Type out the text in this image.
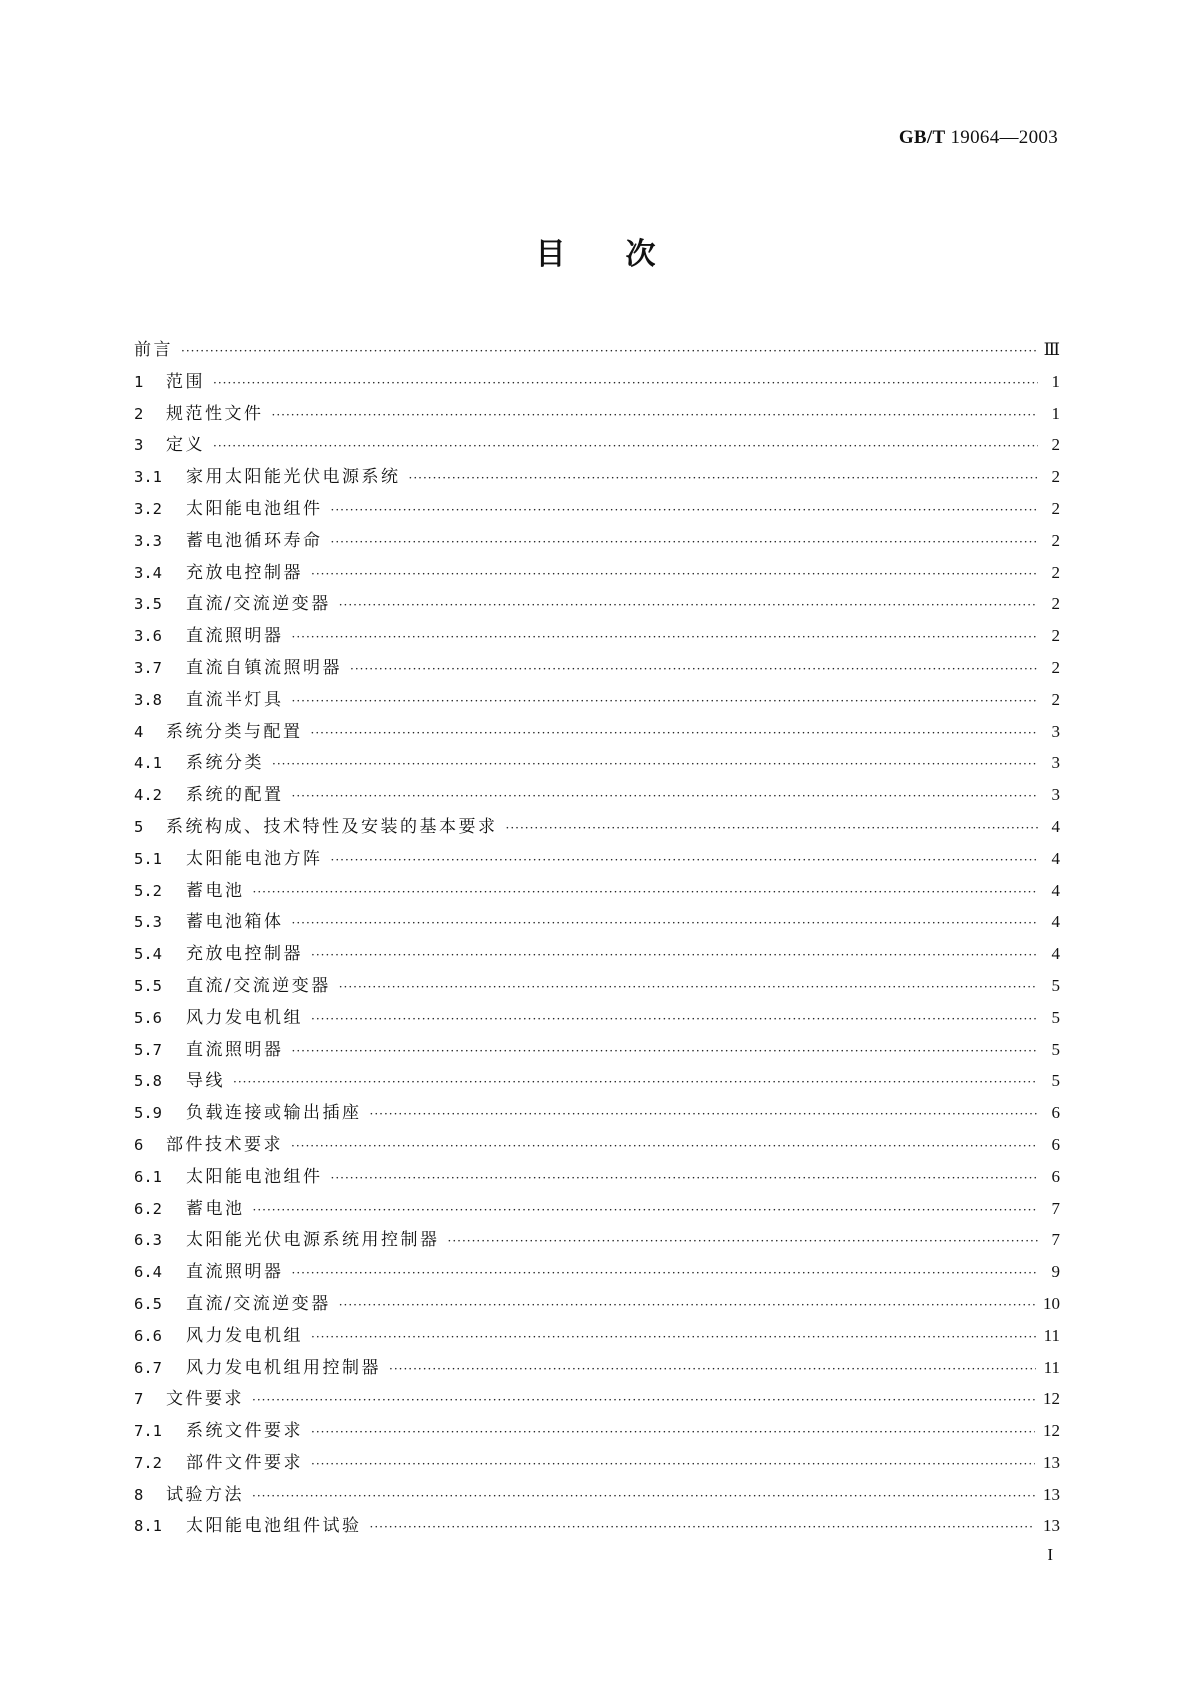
GB/T 19064—2003
目次
前言 ·····	Ⅲ
1	范围 ·····	1
2	规范性文件 ·····	1
3	定义 ·····	2
3.1	家用太阳能光伏电源系统 ·····	2
3.2	太阳能电池组件 ·····	2
3.3	蓄电池循环寿命 ·····	2
3.4	充放电控制器 ·····	2
3.5	直流/交流逆变器 ·····	2
3.6	直流照明器 ·····	2
3.7	直流自镇流照明器 ·····	2
3.8	直流半灯具 ·····	2
4	系统分类与配置 ·····	3
4.1	系统分类 ·····	3
4.2	系统的配置 ·····	3
5	系统构成、技术特性及安装的基本要求 ·····	4
5.1	太阳能电池方阵 ·····	4
5.2	蓄电池 ·····	4
5.3	蓄电池箱体 ·····	4
5.4	充放电控制器 ·····	4
5.5	直流/交流逆变器 ·····	5
5.6	风力发电机组 ·····	5
5.7	直流照明器 ·····	5
5.8	导线 ·····	5
5.9	负载连接或输出插座 ·····	6
6	部件技术要求 ·····	6
6.1	太阳能电池组件 ·····	6
6.2	蓄电池 ·····	7
6.3	太阳能光伏电源系统用控制器 ·····	7
6.4	直流照明器 ·····	9
6.5	直流/交流逆变器 ·····	10
6.6	风力发电机组 ·····	11
6.7	风力发电机组用控制器 ·····	11
7	文件要求 ·····	12
7.1	系统文件要求 ·····	12
7.2	部件文件要求 ·····	13
8	试验方法 ·····	13
8.1	太阳能电池组件试验 ·····	13
I
